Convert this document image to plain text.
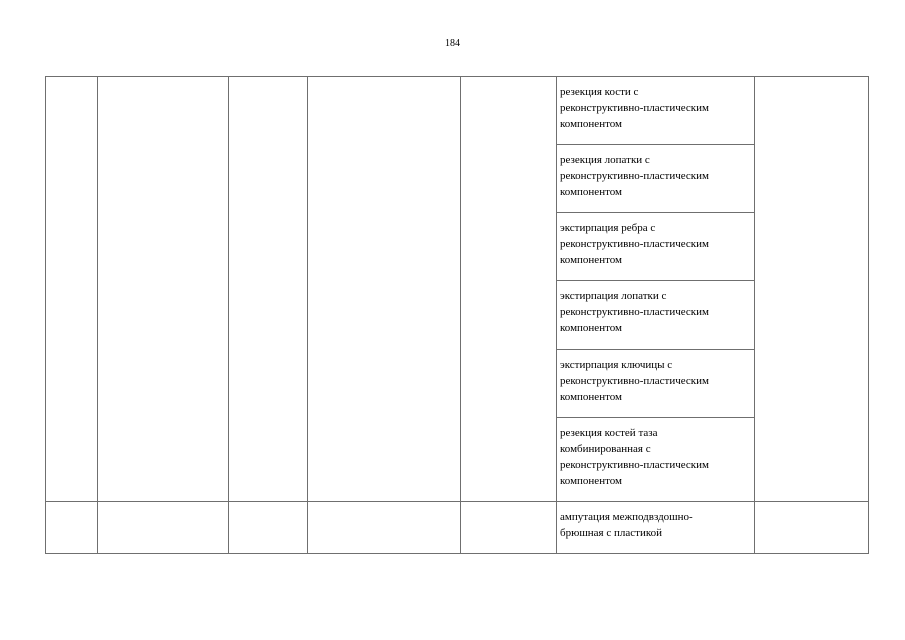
184

					резекция кости с
реконструктивно-пластическим
компонентом	

					резекция лопатки с
реконструктивно-пластическим
компонентом	

					экстирпация ребра с
реконструктивно-пластическим
компонентом	

					экстирпация лопатки с
реконструктивно-пластическим
компонентом	

					экстирпация ключицы с
реконструктивно-пластическим
компонентом	

					резекция костей таза
комбинированная с
реконструктивно-пластическим
компонентом	

					ампутация межподвздошно-
брюшная с пластикой	
